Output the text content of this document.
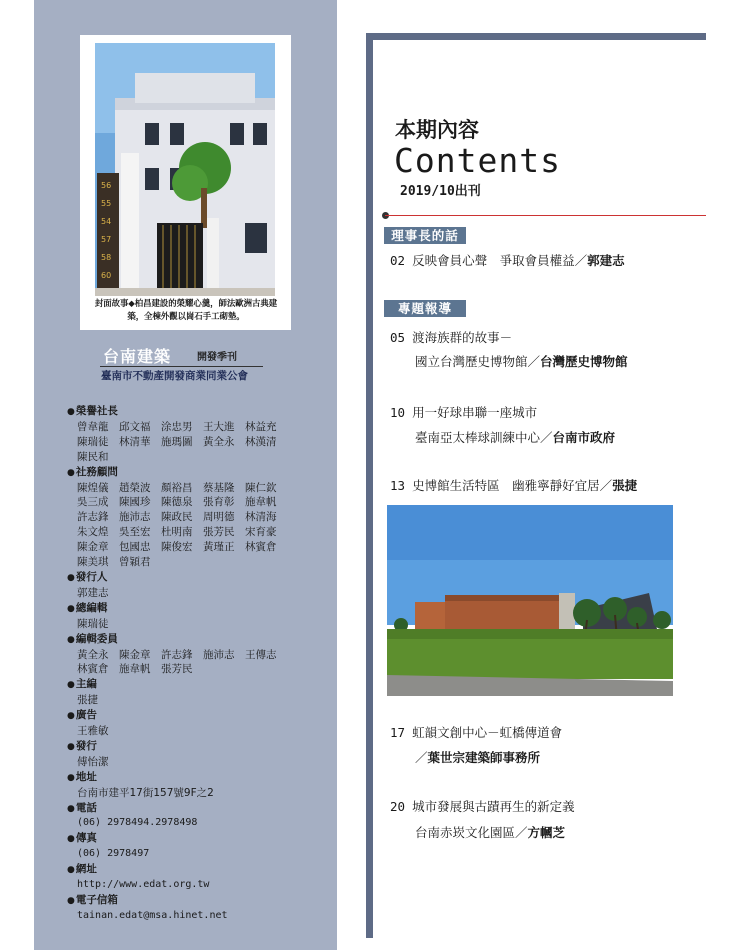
56
55
54
57
58
60
封面故事◆柏昌建設的榮耀心羹，師法歐洲古典建築，全棟外觀以崗石手工砌墊。
台南建築	開發季刊
臺南市不動產開發商業同業公會
● 榮譽社長
曾韋龍　邱文福　涂忠男　王大進　林益充
陳瑞徒　林清華　施瑪圖　黃全永　林漢清
陳民和
● 社務顧問
陳煌儀　趙榮波　顏裕昌　蔡基隆　陳仁欽
吳三成　陳國珍　陳德泉　張育彰　施韋帆
許志鋒　施沛志　陳政民　周明德　林清海
朱文煌　吳至宏　杜明南　張芳民　宋育豪
陳金章　包國忠　陳俊宏　黃瑾正　林賓倉
陳美琪　曾穎君
● 發行人
郭建志
● 總編輯
陳瑞徒
● 編輯委員
黃全永　陳金章　許志鋒　施沛志　王傳志
林賓倉　施韋帆　張芳民
● 主編
張捷
● 廣告
王雅敏
● 發行
傅怡潔
● 地址
台南市建平17街157號9F之2
● 電話
(06) 2978494.2978498
● 傳真
(06) 2978497
● 網址
http://www.edat.org.tw
● 電子信箱
tainan.edat@msa.hinet.net
本期內容
Contents
2019/10出刊
理事長的話
02 反映會員心聲　爭取會員權益／郭建志
專題報導
05 渡海族群的故事－
國立台灣歷史博物館／台灣歷史博物館
10 用一好球串聯一座城市
臺南亞太棒球訓練中心／台南市政府
13 史博館生活特區　幽雅寧靜好宜居／張捷
17 虹韻文創中心－虹橋傳道會
／葉世宗建築師事務所
20 城市發展與古蹟再生的新定義
台南赤崁文化園區／方幗芝
